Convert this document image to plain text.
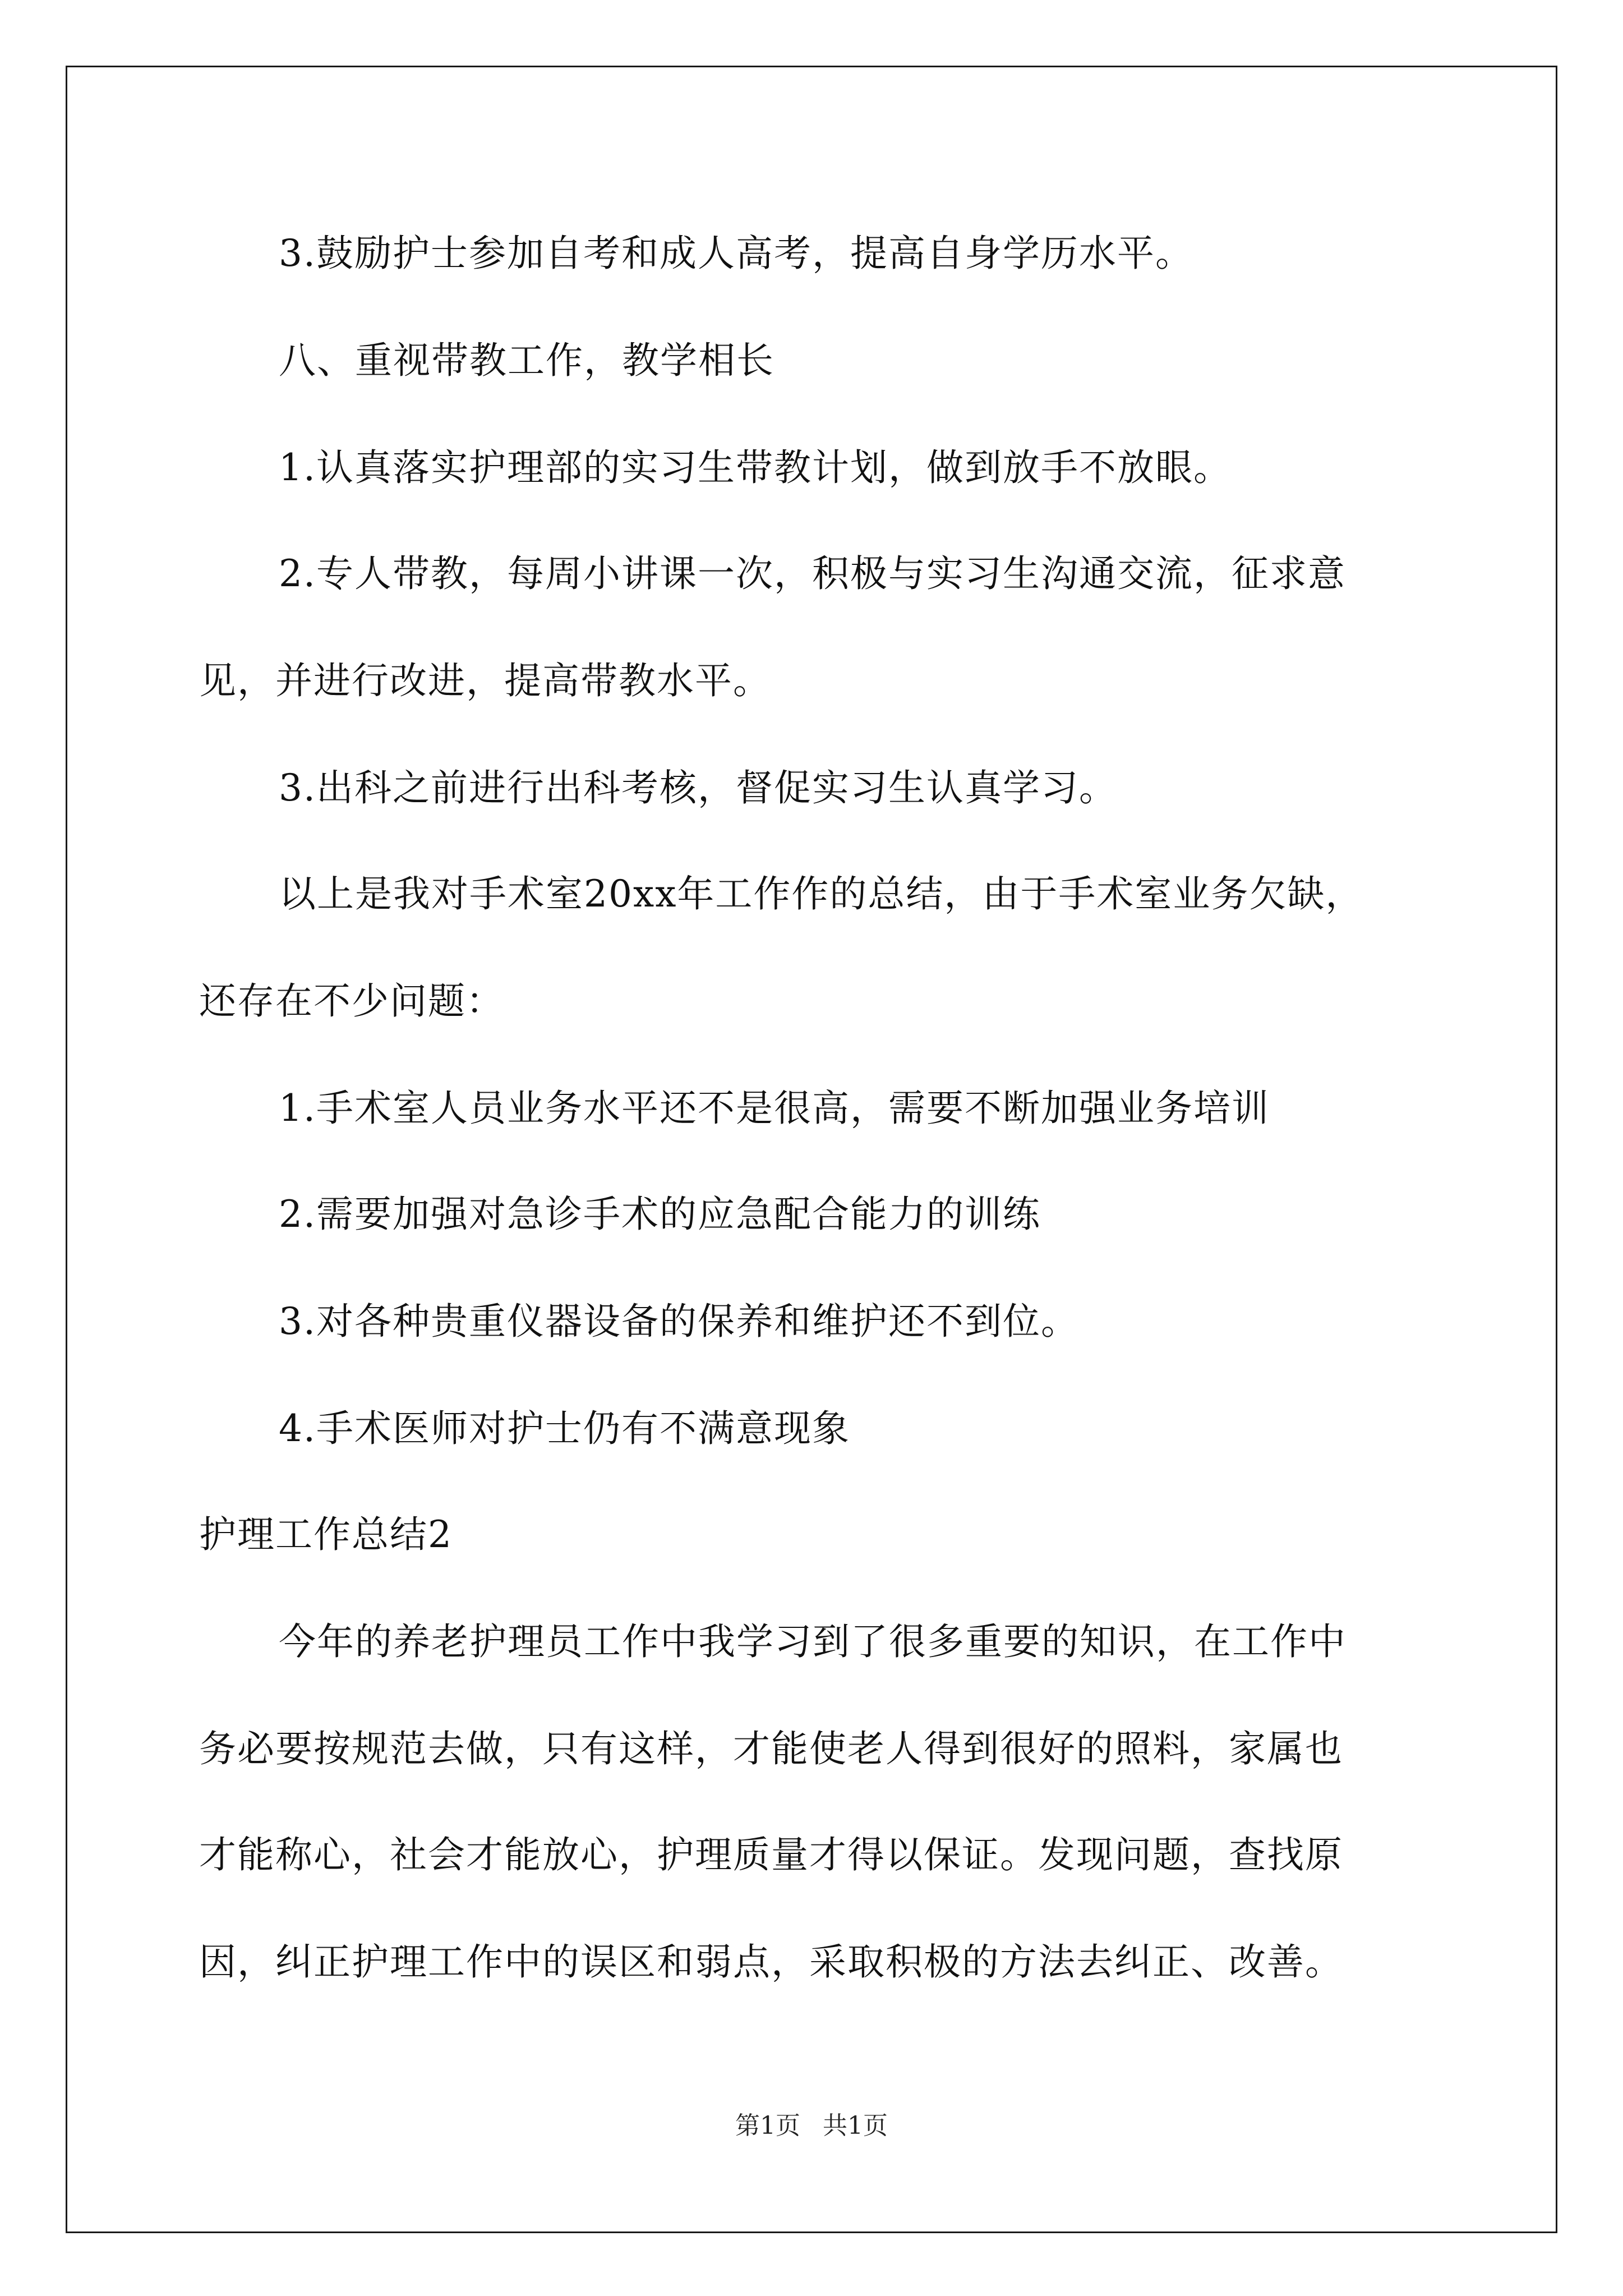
3.鼓励护士参加自考和成人高考，提高自身学历水平。
八、重视带教工作，教学相长
1.认真落实护理部的实习生带教计划，做到放手不放眼。
2.专人带教，每周小讲课一次，积极与实习生沟通交流，征求意
见，并进行改进，提高带教水平。
3.出科之前进行出科考核，督促实习生认真学习。
以上是我对手术室20xx年工作作的总结，由于手术室业务欠缺，
还存在不少问题：
1.手术室人员业务水平还不是很高，需要不断加强业务培训
2.需要加强对急诊手术的应急配合能力的训练
3.对各种贵重仪器设备的保养和维护还不到位。
4.手术医师对护士仍有不满意现象
护理工作总结2
今年的养老护理员工作中我学习到了很多重要的知识，在工作中
务必要按规范去做，只有这样，才能使老人得到很好的照料，家属也
才能称心，社会才能放心，护理质量才得以保证。发现问题，查找原
因，纠正护理工作中的误区和弱点，采取积极的方法去纠正、改善。
第1页 共1页
